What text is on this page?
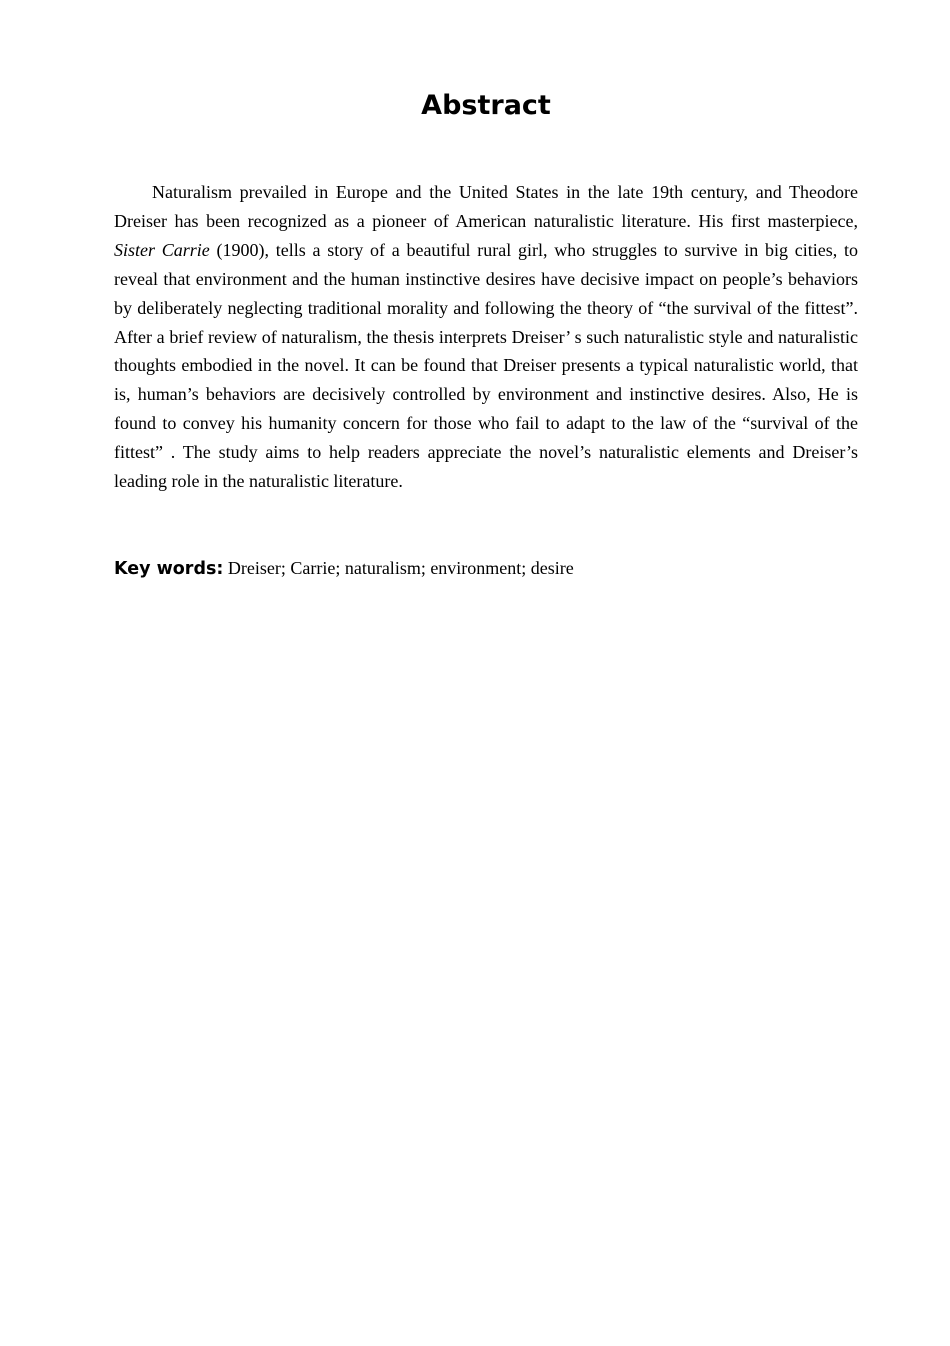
Abstract

Naturalism prevailed in Europe and the United States in the late 19th century, and Theodore Dreiser has been recognized as a pioneer of American naturalistic literature. His first masterpiece, Sister Carrie (1900), tells a story of a beautiful rural girl, who struggles to survive in big cities, to reveal that environment and the human instinctive desires have decisive impact on people’s behaviors by deliberately neglecting traditional morality and following the theory of “the survival of the fittest”. After a brief review of naturalism, the thesis interprets Dreiser’ s such naturalistic style and naturalistic thoughts embodied in the novel. It can be found that Dreiser presents a typical naturalistic world, that is, human’s behaviors are decisively controlled by environment and instinctive desires. Also, He is found to convey his humanity concern for those who fail to adapt to the law of the “survival of the fittest” . The study aims to help readers appreciate the novel’s naturalistic elements and Dreiser’s leading role in the naturalistic literature.

Key words: Dreiser; Carrie; naturalism; environment; desire
